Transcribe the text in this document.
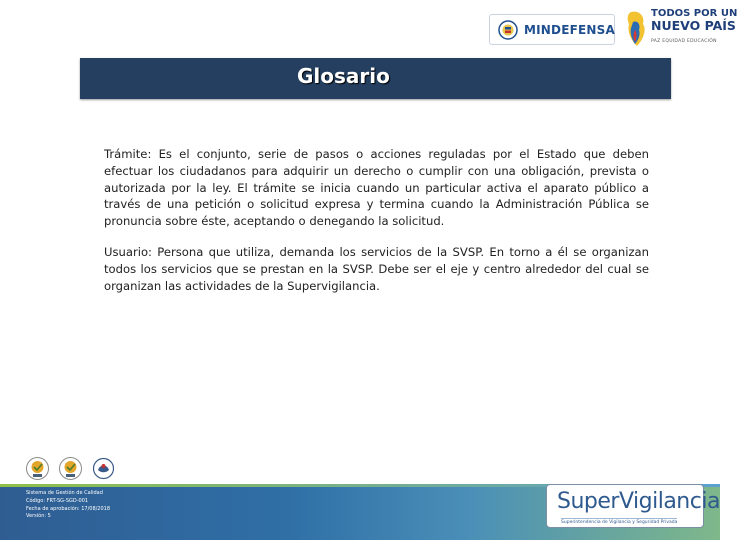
MINDEFENSA
TODOS POR UN
NUEVO PAÍS
PAZ EQUIDAD EDUCACIÓN
Glosario

Trámite: Es el conjunto, serie de pasos o acciones reguladas por el Estado que deben efectuar los ciudadanos para adquirir un derecho o cumplir con una obligación, prevista o autorizada por la ley. El trámite se inicia cuando un particular activa el aparato público a través de una petición o solicitud expresa y termina cuando la Administración Pública se pronuncia sobre éste, aceptando o denegando la solicitud.

Usuario: Persona que utiliza, demanda los servicios de la SVSP. En torno a él se organizan todos los servicios que se prestan en la SVSP. Debe ser el eje y centro alrededor del cual se organizan las actividades de la Supervigilancia.

Sistema de Gestión de Calidad
Código: FRT-SG-SGD-001
Fecha de aprobación: 17/08/2018
Versión: 5
SuperVigilancia
Superintendencia de Vigilancia y Seguridad Privada
